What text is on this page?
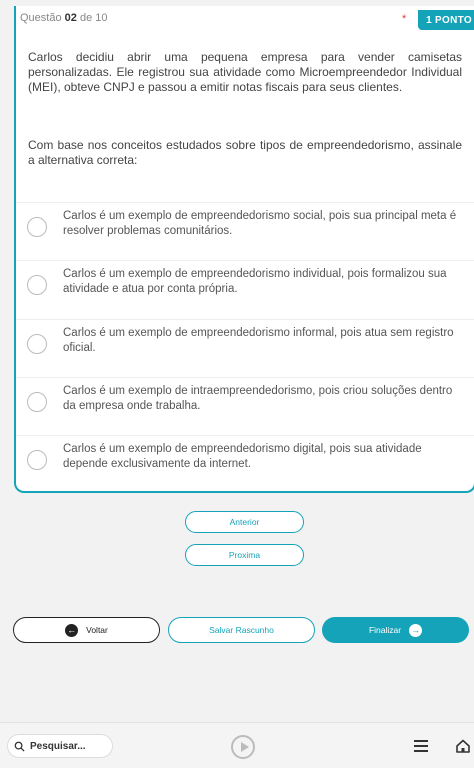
Questão 02 de 10	*	1 PONTO

Carlos decidiu abrir uma pequena empresa para vender camisetas personalizadas. Ele registrou sua atividade como Microempreendedor Individual (MEI), obteve CNPJ e passou a emitir notas fiscais para seus clientes.

Com base nos conceitos estudados sobre tipos de empreendedorismo, assinale a alternativa correta:

Carlos é um exemplo de empreendedorismo social, pois sua principal meta é resolver problemas comunitários.
Carlos é um exemplo de empreendedorismo individual, pois formalizou sua atividade e atua por conta própria.
Carlos é um exemplo de empreendedorismo informal, pois atua sem registro oficial.
Carlos é um exemplo de intraempreendedorismo, pois criou soluções dentro da empresa onde trabalha.
Carlos é um exemplo de empreendedorismo digital, pois sua atividade depende exclusivamente da internet.
Anterior
Proxima
← Voltar	Salvar Rascunho	Finalizar →
Pesquisar...
